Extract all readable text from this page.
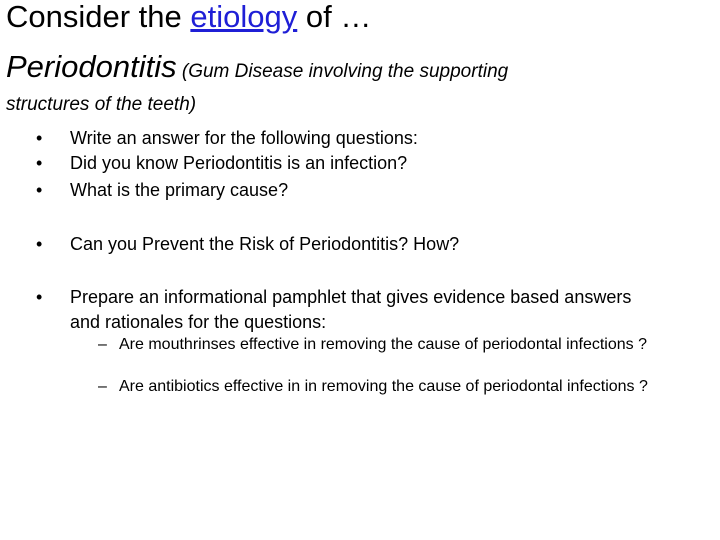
Consider the etiology of …
Periodontitis (Gum Disease involving the supporting
structures of the teeth)
•	Write an answer for the following questions:
•	Did you know Periodontitis is an infection?
•	What is the primary cause?
•	Can you Prevent the Risk of Periodontitis? How?
•	Prepare an informational pamphlet that gives evidence based answers and rationales for the questions:
– Are mouthrinses effective in removing the cause of periodontal infections ?
– Are antibiotics effective in in removing the cause of periodontal infections ?
